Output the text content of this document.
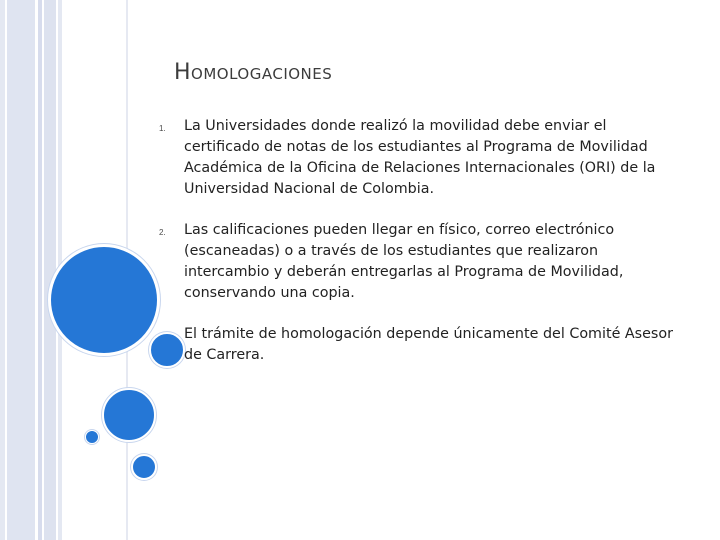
Homologaciones
1. La Universidades donde realizó la movilidad debe enviar el certificado de notas de los estudiantes al Programa de Movilidad Académica de la Oficina de Relaciones Internacionales (ORI) de la Universidad Nacional de Colombia.
2. Las calificaciones pueden llegar en físico, correo electrónico (escaneadas) o a través de los estudiantes que realizaron intercambio y deberán entregarlas al Programa de Movilidad, conservando una copia.
El trámite de homologación depende únicamente del Comité Asesor de Carrera.
